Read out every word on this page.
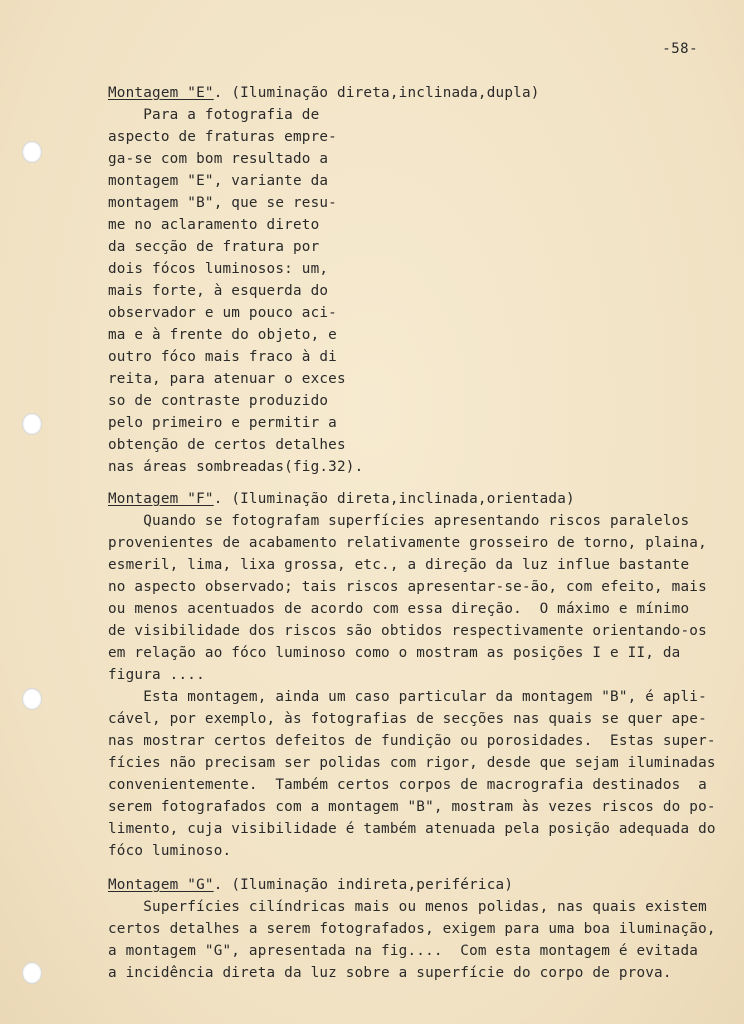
-58-
Montagem "E". (Iluminação direta,inclinada,dupla)
Para a fotografia de
aspecto de fraturas empre-
ga-se com bom resultado a
montagem "E", variante da
montagem "B", que se resu-
me no aclaramento direto
da secção de fratura por
dois fócos luminosos: um,
mais forte, à esquerda do
observador e um pouco aci-
ma e à frente do objeto, e
outro fóco mais fraco à di
reita, para atenuar o exces
so de contraste produzido
pelo primeiro e permitir a
obtenção de certos detalhes
nas áreas sombreadas(fig.32).
Montagem "F". (Iluminação direta,inclinada,orientada)
Quando se fotografam superfícies apresentando riscos paralelos
provenientes de acabamento relativamente grosseiro de torno, plaina,
esmeril, lima, lixa grossa, etc., a direção da luz influe bastante
no aspecto observado; tais riscos apresentar-se-ão, com efeito, mais
ou menos acentuados de acordo com essa direção.  O máximo e mínimo
de visibilidade dos riscos são obtidos respectivamente orientando-os
em relação ao fóco luminoso como o mostram as posições I e II, da
figura ....
Esta montagem, ainda um caso particular da montagem "B", é apli-
cável, por exemplo, às fotografias de secções nas quais se quer ape-
nas mostrar certos defeitos de fundição ou porosidades.  Estas super-
fícies não precisam ser polidas com rigor, desde que sejam iluminadas
convenientemente.  Também certos corpos de macrografia destinados  a
serem fotografados com a montagem "B", mostram às vezes riscos do po-
limento, cuja visibilidade é também atenuada pela posição adequada do
fóco luminoso.
Montagem "G". (Iluminação indireta,periférica)
Superfícies cilíndricas mais ou menos polidas, nas quais existem
certos detalhes a serem fotografados, exigem para uma boa iluminação,
a montagem "G", apresentada na fig....  Com esta montagem é evitada
a incidência direta da luz sobre a superfície do corpo de prova.
